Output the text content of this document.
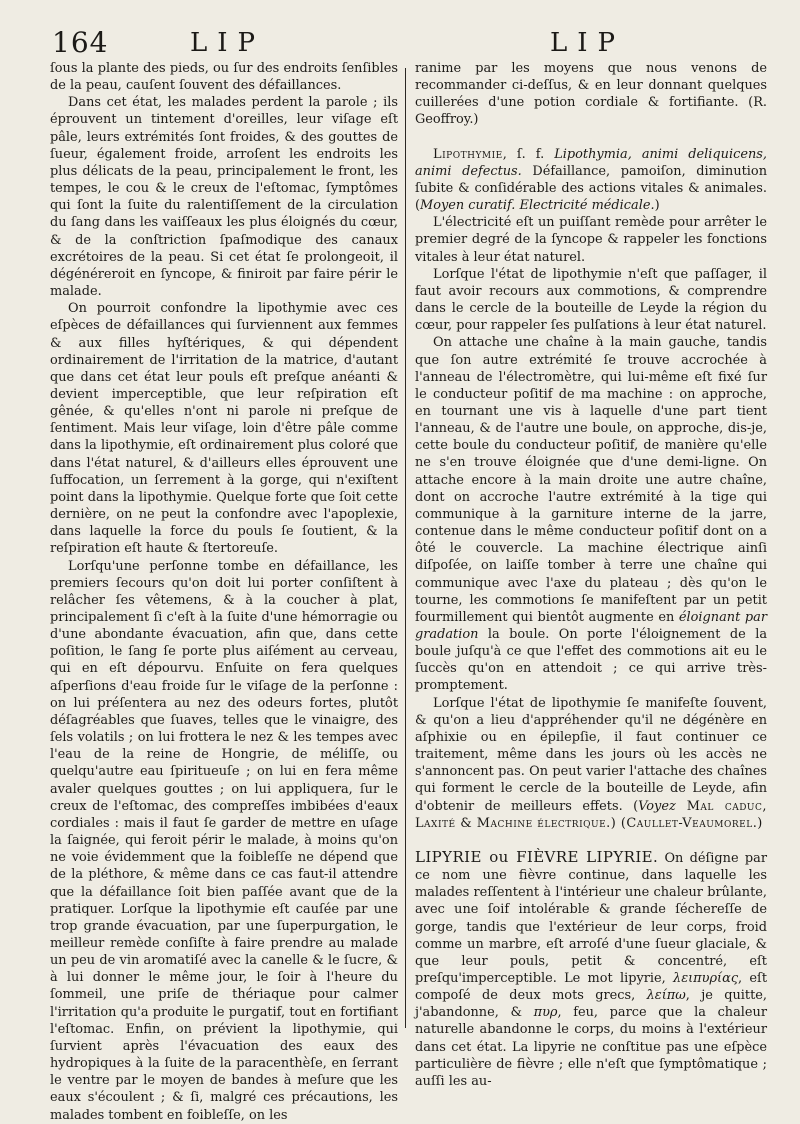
164	LIP	LIP

ſous la plante des pieds, ou ſur des endroits ſenſibles de la peau, cauſent ſouvent des défaillances.

Dans cet état, les malades perdent la parole ; ils éprouvent un tintement d'oreilles, leur viſage eſt pâle, leurs extrémités ſont froides, & des gouttes de ſueur, également froide, arroſent les endroits les plus délicats de la peau, principalement le front, les tempes, le cou & le creux de l'eſtomac, ſymptômes qui ſont la ſuite du ralentiſſement de la circulation du ſang dans les vaiſſeaux les plus éloignés du cœur, & de la conſtriction ſpaſmodique des canaux excrétoires de la peau. Si cet état ſe prolongeoit, il dégénéreroit en ſyncope, & finiroit par faire périr le malade.

On pourroit confondre la lipothymie avec ces eſpèces de défaillances qui ſurviennent aux femmes & aux filles hyſtériques, & qui dépendent ordinairement de l'irritation de la matrice, d'autant que dans cet état leur pouls eſt preſque anéanti & devient imperceptible, que leur reſpiration eſt gênée, & qu'elles n'ont ni parole ni preſque de ſentiment. Mais leur viſage, loin d'être pâle comme dans la lipothymie, eſt ordinairement plus coloré que dans l'état naturel, & d'ailleurs elles éprouvent une ſuffocation, un ſerrement à la gorge, qui n'exiſtent point dans la lipothymie. Quelque forte que ſoit cette dernière, on ne peut la confondre avec l'apoplexie, dans laquelle la force du pouls ſe ſoutient, & la reſpiration eſt haute & ſtertoreuſe.

Lorſqu'une perſonne tombe en défaillance, les premiers ſecours qu'on doit lui porter conſiſtent à relâcher ſes vêtemens, & à la coucher à plat, principalement ſi c'eſt à la ſuite d'une hémorragie ou d'une abondante évacuation, afin que, dans cette poſition, le ſang ſe porte plus aiſément au cerveau, qui en eſt dépourvu. Enſuite on fera quelques aſperſions d'eau froide ſur le viſage de la perſonne : on lui préſentera au nez des odeurs fortes, plutôt déſagréables que ſuaves, telles que le vinaigre, des ſels volatils ; on lui frottera le nez & les tempes avec l'eau de la reine de Hongrie, de méliſſe, ou quelqu'autre eau ſpiritueuſe ; on lui en fera même avaler quelques gouttes ; on lui appliquera, ſur le creux de l'eſtomac, des compreſſes imbibées d'eaux cordiales : mais il faut ſe garder de mettre en uſage la ſaignée, qui feroit périr le malade, à moins qu'on ne voie évidemment que la foibleſſe ne dépend que de la pléthore, & même dans ce cas faut-il attendre que la défaillance ſoit bien paſſée avant que de la pratiquer. Lorſque la lipothymie eſt cauſée par une trop grande évacuation, par une ſuperpurgation, le meilleur remède conſiſte à faire prendre au malade un peu de vin aromatiſé avec la canelle & le ſucre, & à lui donner le même jour, le ſoir à l'heure du ſommeil, une priſe de thériaque pour calmer l'irritation qu'a produite le purgatif, tout en fortifiant l'eſtomac. Enfin, on prévient la lipothymie, qui ſurvient après l'évacuation des eaux des hydropiques à la ſuite de la paracenthèſe, en ſerrant le ventre par le moyen de bandes à meſure que les eaux s'écoulent ; & ſi, malgré ces précautions, les malades tombent en foibleſſe, on les

ranime par les moyens que nous venons de recommander ci-deſſus, & en leur donnant quelques cuillerées d'une potion cordiale & fortifiante. (R. Geoffroy.)

Lipothymie, ſ. f. Lipothymia, animi deliquicens, animi defectus. Défaillance, pamoiſon, diminution ſubite & conſidérable des actions vitales & animales. (Moyen curatif. Electricité médicale.)

L'électricité eſt un puiſſant remède pour arrêter le premier degré de la ſyncope & rappeler les fonctions vitales à leur état naturel.

Lorſque l'état de lipothymie n'eſt que paſſager, il faut avoir recours aux commotions, & comprendre dans le cercle de la bouteille de Leyde la région du cœur, pour rappeler ſes pulſations à leur état naturel.

On attache une chaîne à la main gauche, tandis que ſon autre extrémité ſe trouve accrochée à l'anneau de l'électromètre, qui lui-même eſt fixé ſur le conducteur poſitif de ma machine : on approche, en tournant une vis à laquelle d'une part tient l'anneau, & de l'autre une boule, on approche, dis-je, cette boule du conducteur poſitif, de manière qu'elle ne s'en trouve éloignée que d'une demi-ligne. On attache encore à la main droite une autre chaîne, dont on accroche l'autre extrémité à la tige qui communique à la garniture interne de la jarre, contenue dans le même conducteur poſitif dont on a ôté le couvercle. La machine électrique ainſi diſpoſée, on laiſſe tomber à terre une chaîne qui communique avec l'axe du plateau ; dès qu'on le tourne, les commotions ſe manifeſtent par un petit fourmillement qui bientôt augmente en éloignant par gradation la boule. On porte l'éloignement de la boule juſqu'à ce que l'effet des commotions ait eu le ſuccès qu'on en attendoit ; ce qui arrive très-promptement.

Lorſque l'état de lipothymie ſe manifeſte ſouvent, & qu'on a lieu d'appréhender qu'il ne dégénère en aſphixie ou en épilepſie, il faut continuer ce traitement, même dans les jours où les accès ne s'annoncent pas. On peut varier l'attache des chaînes qui forment le cercle de la bouteille de Leyde, afin d'obtenir de meilleurs effets. (Voyez Mal caduc, Laxité & Machine électrique.) (Caullet-Veaumorel.)

LIPYRIE ou FIÈVRE LIPYRIE. On déſigne par ce nom une fièvre continue, dans laquelle les malades reſſentent à l'intérieur une chaleur brûlante, avec une ſoif intolérable & grande ſéchereſſe de gorge, tandis que l'extérieur de leur corps, froid comme un marbre, eſt arroſé d'une ſueur glaciale, & que leur pouls, petit & concentré, eſt preſqu'imperceptible. Le mot lipyrie, λειπυρίας, eſt compoſé de deux mots grecs, λείπω, je quitte, j'abandonne, & πυρ, feu, parce que la chaleur naturelle abandonne le corps, du moins à l'extérieur dans cet état. La lipyrie ne conſtitue pas une eſpèce particulière de fièvre ; elle n'eſt que ſymptômatique ; auſſi les au-
